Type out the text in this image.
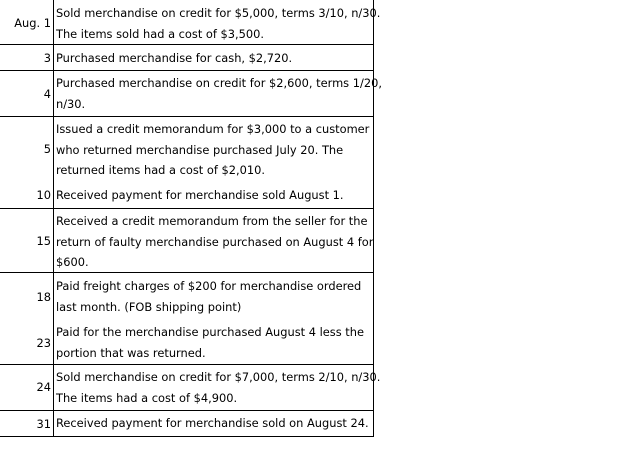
Aug. 1
Sold merchandise on credit for $5,000, terms 3/10, n/30.
The items sold had a cost of $3,500.
3 Purchased merchandise for cash, $2,720.
4
Purchased merchandise on credit for $2,600, terms 1/20,
n/30.
5
Issued a credit memorandum for $3,000 to a customer
who returned merchandise purchased July 20. The
returned items had a cost of $2,010.
10 Received payment for merchandise sold August 1.
15
Received a credit memorandum from the seller for the
return of faulty merchandise purchased on August 4 for
$600.
18
Paid freight charges of $200 for merchandise ordered
last month. (FOB shipping point)
23
Paid for the merchandise purchased August 4 less the
portion that was returned.
24
Sold merchandise on credit for $7,000, terms 2/10, n/30.
The items had a cost of $4,900.
31 Received payment for merchandise sold on August 24.
